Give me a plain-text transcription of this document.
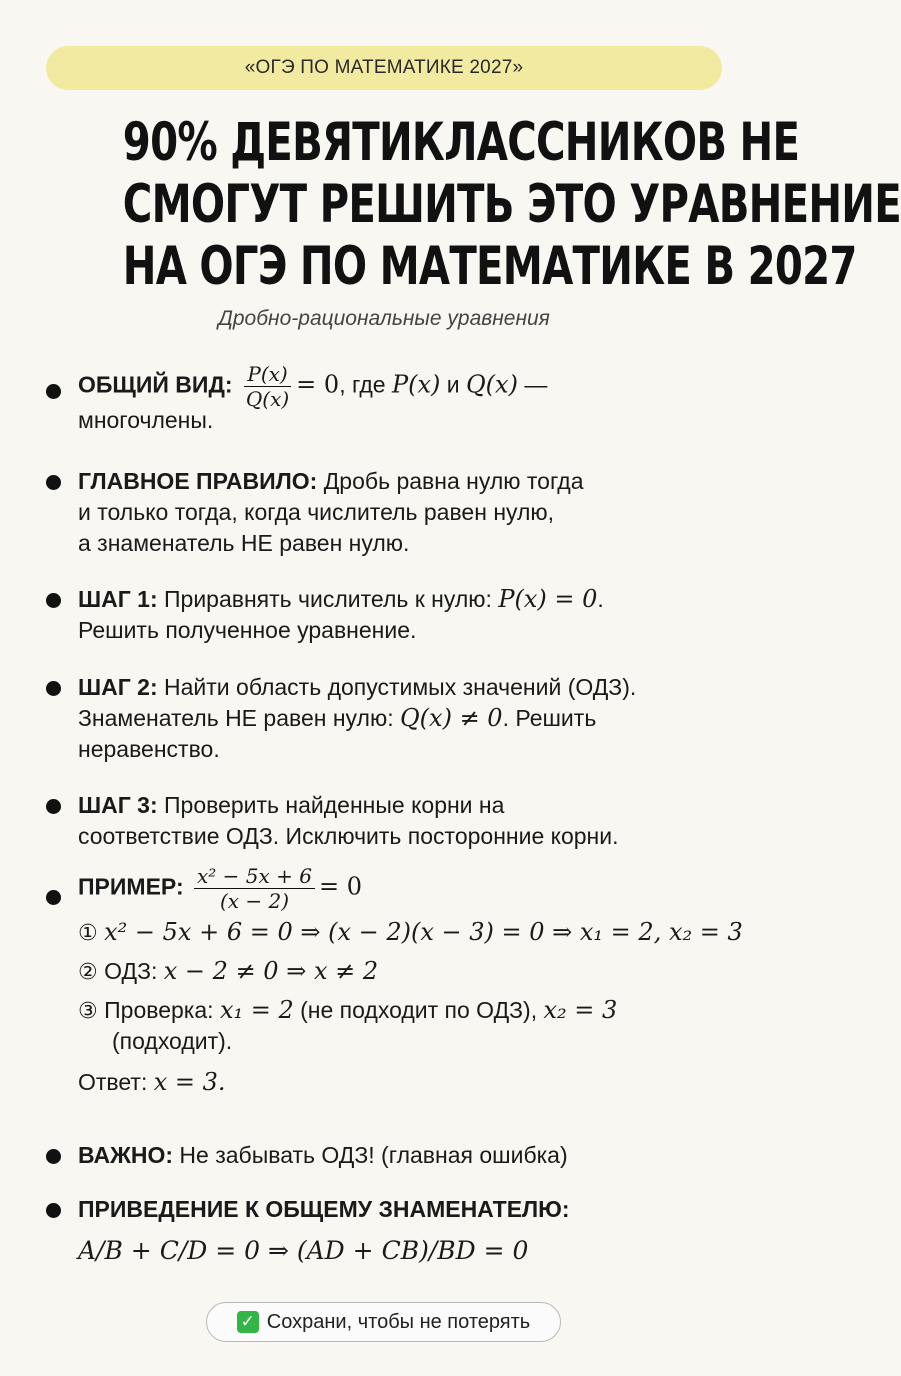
«ОГЭ ПО МАТЕМАТИКЕ 2027»
90% ДЕВЯТИКЛАССНИКОВ НЕ
СМОГУТ РЕШИТЬ ЭТО УРАВНЕНИЕ
НА ОГЭ ПО МАТЕМАТИКЕ В 2027
Дробно-рациональные уравнения
ОБЩИЙ ВИД: $\frac{P(x)}{Q(x)} = 0$, где P(x) и Q(x) —
многочлены.
ГЛАВНОЕ ПРАВИЛО: Дробь равна нулю тогда
и только тогда, когда числитель равен нулю,
а знаменатель НЕ равен нулю.
ШАГ 1: Приравнять числитель к нулю: P(x) = 0.
Решить полученное уравнение.
ШАГ 2: Найти область допустимых значений (ОДЗ).
Знаменатель НЕ равен нулю: Q(x) ≠ 0. Решить
неравенство.
ШАГ 3: Проверить найденные корни на
соответствие ОДЗ. Исключить посторонние корни.
ПРИМЕР: $\frac{\text{x² − 5x + 6}}{(x - 2)} = 0$
① x² − 5x + 6 = 0 ⇒ (x − 2)(x − 3) = 0 ⇒ x₁ = 2, x₂ = 3
② ОДЗ: x − 2 ≠ 0 ⇒ x ≠ 2
③ Проверка: x₁ = 2 (не подходит по ОДЗ), x₂ = 3
(подходит).
Ответ: x = 3.
ВАЖНО: Не забывать ОДЗ! (главная ошибка)
ПРИВЕДЕНИЕ К ОБЩЕМУ ЗНАМЕНАТЕЛЮ:
A/B + C/D = 0 ⇒ (AD + CB)/BD = 0
✓ Сохрани, чтобы не потерять
